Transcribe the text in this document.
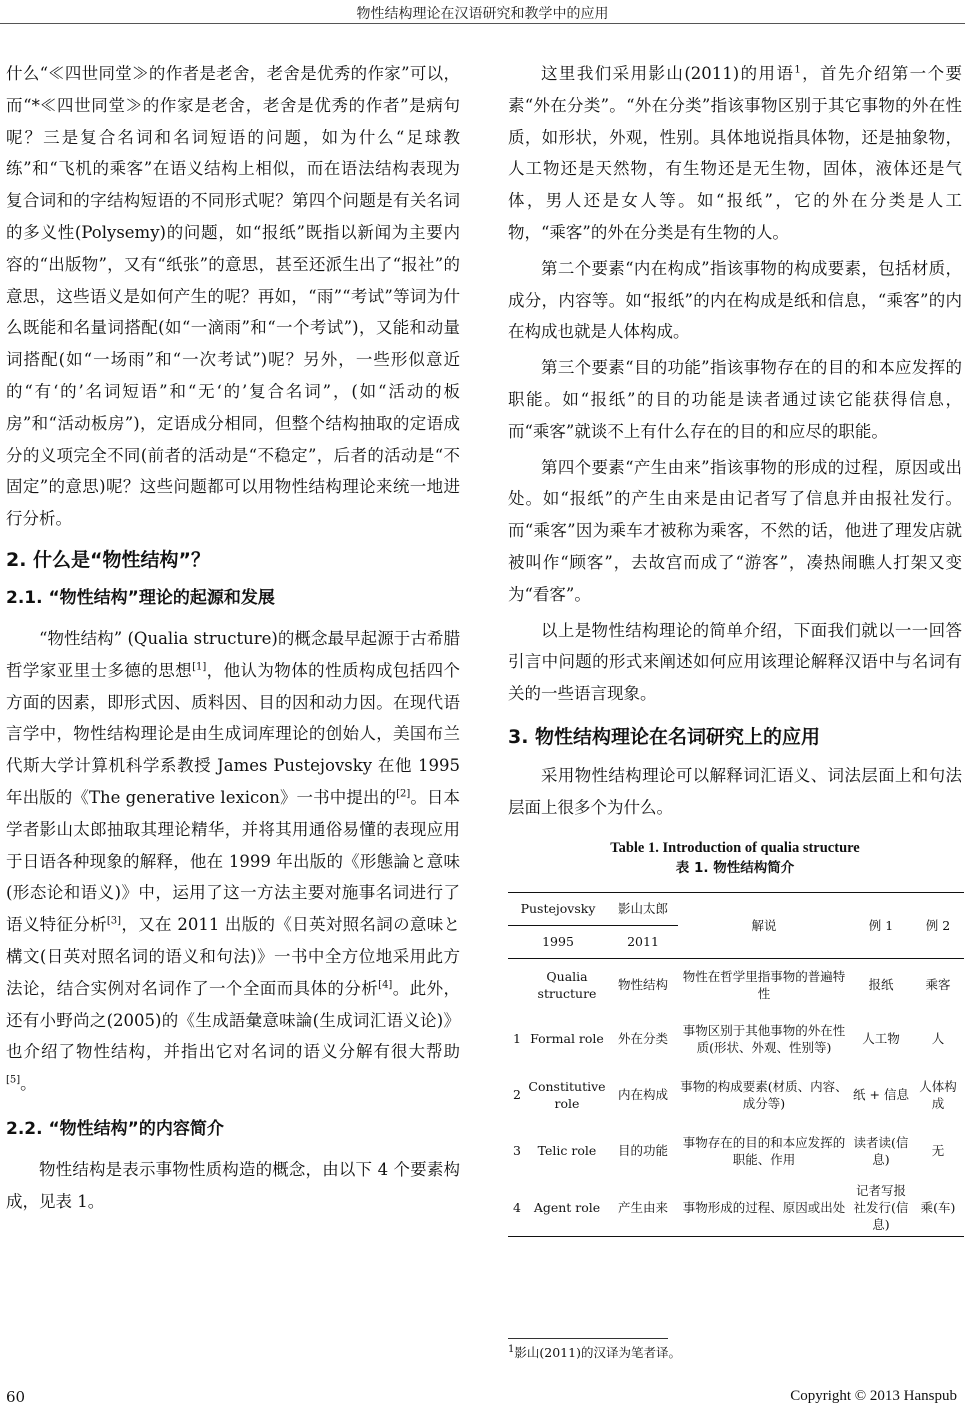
物性结构理论在汉语研究和教学中的应用

什么“≪四世同堂≫的作者是老舍，老舍是优秀的作家”可以，而“*≪四世同堂≫的作家是老舍，老舍是优秀的作者”是病句呢？三是复合名词和名词短语的问题，如为什么“足球教练”和“飞机的乘客”在语义结构上相似，而在语法结构表现为复合词和的字结构短语的不同形式呢？第四个问题是有关名词的多义性(Polysemy)的问题，如“报纸”既指以新闻为主要内容的“出版物”，又有“纸张”的意思，甚至还派生出了“报社”的意思，这些语义是如何产生的呢？再如，“雨”“考试”等词为什么既能和名量词搭配(如“一滴雨”和“一个考试”)，又能和动量词搭配(如“一场雨”和“一次考试”)呢？另外，一些形似意近的“有‘的’名词短语”和“无‘的’复合名词”，(如“活动的板房”和“活动板房”)，定语成分相同，但整个结构抽取的定语成分的义项完全不同(前者的活动是“不稳定”，后者的活动是“不固定”的意思)呢？这些问题都可以用物性结构理论来统一地进行分析。

2. 什么是“物性结构”？
2.1. “物性结构”理论的起源和发展

“物性结构” (Qualia structure)的概念最早起源于古希腊哲学家亚里士多德的思想[1]，他认为物体的性质构成包括四个方面的因素，即形式因、质料因、目的因和动力因。在现代语言学中，物性结构理论是由生成词库理论的创始人，美国布兰代斯大学计算机科学系教授 James Pustejovsky 在他 1995 年出版的《The generative lexicon》一书中提出的[2]。日本学者影山太郎抽取其理论精华，并将其用通俗易懂的表现应用于日语各种现象的解释，他在 1999 年出版的《形態論と意味(形态论和语义)》中，运用了这一方法主要对施事名词进行了语义特征分析[3]，又在 2011 出版的《日英対照名詞の意味と構文(日英对照名词的语义和句法)》一书中全方位地采用此方法论，结合实例对名词作了一个全面而具体的分析[4]。此外，还有小野尚之(2005)的《生成語彙意味論(生成词汇语义论)》也介绍了物性结构，并指出它对名词的语义分解有很大帮助[5]。

2.2. “物性结构”的内容简介

物性结构是表示事物性质构造的概念，由以下 4 个要素构成，见表 1。

这里我们采用影山(2011)的用语$^1$，首先介绍第一个要素“外在分类”。“外在分类”指该事物区别于其它事物的外在性质，如形状，外观，性别。具体地说指具体物，还是抽象物，人工物还是天然物，有生物还是无生物，固体，液体还是气体，男人还是女人等。如“报纸”，它的外在分类是人工物，“乘客”的外在分类是有生物的人。

第二个要素“内在构成”指该事物的构成要素，包括材质，成分，内容等。如“报纸”的内在构成是纸和信息，“乘客”的内在构成也就是人体构成。

第三个要素“目的功能”指该事物存在的目的和本应发挥的职能。如“报纸”的目的功能是读者通过读它能获得信息，而“乘客”就谈不上有什么存在的目的和应尽的职能。

第四个要素“产生由来”指该事物的形成的过程，原因或出处。如“报纸”的产生由来是由记者写了信息并由报社发行。而“乘客”因为乘车才被称为乘客，不然的话，他进了理发店就被叫作“顾客”，去故宫而成了“游客”，凑热闹瞧人打架又变为“看客”。

以上是物性结构理论的简单介绍，下面我们就以一一回答引言中问题的形式来阐述如何应用该理论解释汉语中与名词有关的一些语言现象。

3. 物性结构理论在名词研究上的应用

采用物性结构理论可以解释词汇语义、词法层面上和句法层面上很多个为什么。

Table 1. Introduction of qualia structure
表 1. 物性结构简介
Pustejovsky		影山太郎	解说	例 1	例 2
1995		2011			
	Qualia structure	物性结构	物性在哲学里指事物的普遍特性	报纸	乘客
1	Formal role	外在分类	事物区别于其他事物的外在性质(形状、外观、性别等)	人工物	人
2	Constitutive role	内在构成	事物的构成要素(材质、内容、成分等)	纸 + 信息	人体构成
3	Telic role	目的功能	事物存在的目的和本应发挥的职能、作用	读者读(信息)	无
4	Agent role	产生由来	事物形成的过程、原因或出处	记者写报社发行(信息)	乘(车)
$^1$影山(2011)的汉译为笔者译。
60	Copyright © 2013 Hanspub
